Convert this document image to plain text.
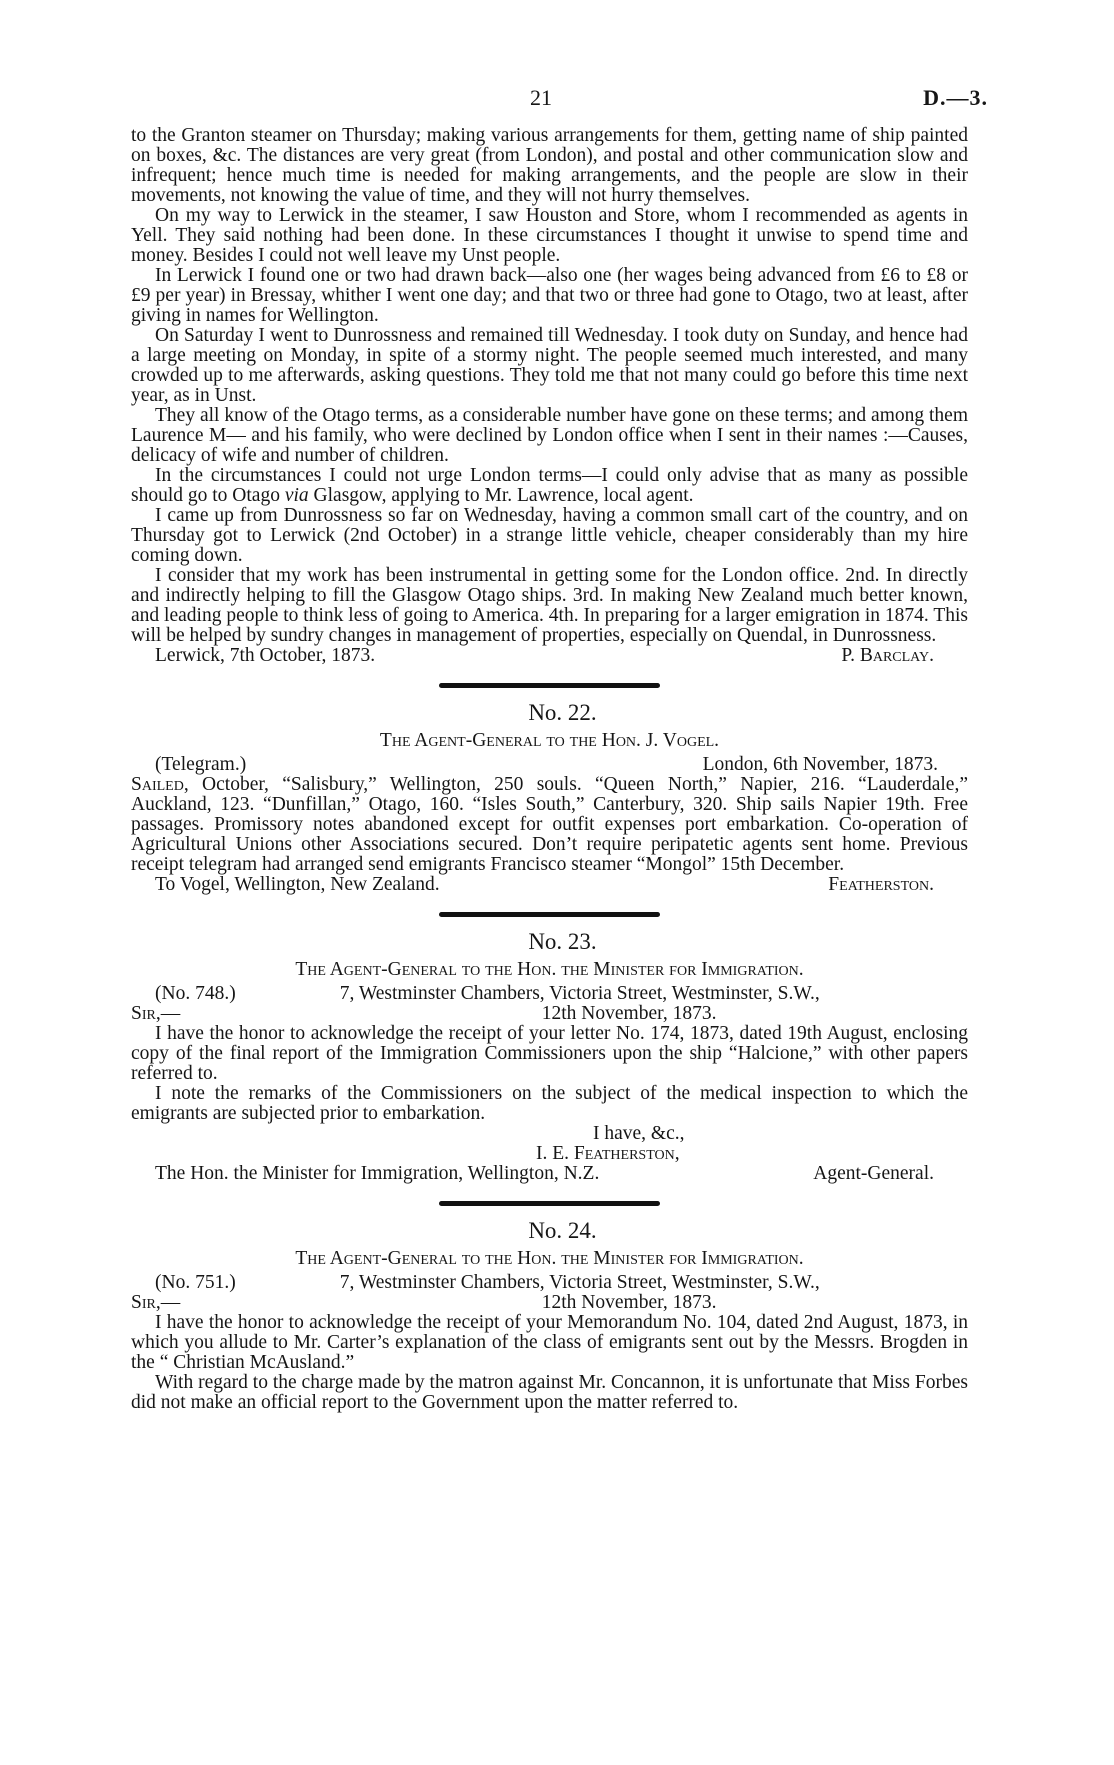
21	D.—3.

to the Granton steamer on Thursday; making various arrangements for them, getting name of ship painted on boxes, &c. The distances are very great (from London), and postal and other communication slow and infrequent; hence much time is needed for making arrangements, and the people are slow in their movements, not knowing the value of time, and they will not hurry themselves.

On my way to Lerwick in the steamer, I saw Houston and Store, whom I recommended as agents in Yell. They said nothing had been done. In these circumstances I thought it unwise to spend time and money. Besides I could not well leave my Unst people.

In Lerwick I found one or two had drawn back—also one (her wages being advanced from £6 to £8 or £9 per year) in Bressay, whither I went one day; and that two or three had gone to Otago, two at least, after giving in names for Wellington.

On Saturday I went to Dunrossness and remained till Wednesday. I took duty on Sunday, and hence had a large meeting on Monday, in spite of a stormy night. The people seemed much interested, and many crowded up to me afterwards, asking questions. They told me that not many could go before this time next year, as in Unst.

They all know of the Otago terms, as a considerable number have gone on these terms; and among them Laurence M— and his family, who were declined by London office when I sent in their names :—Causes, delicacy of wife and number of children.

In the circumstances I could not urge London terms—I could only advise that as many as possible should go to Otago via Glasgow, applying to Mr. Lawrence, local agent.

I came up from Dunrossness so far on Wednesday, having a common small cart of the country, and on Thursday got to Lerwick (2nd October) in a strange little vehicle, cheaper considerably than my hire coming down.

I consider that my work has been instrumental in getting some for the London office. 2nd. In directly and indirectly helping to fill the Glasgow Otago ships. 3rd. In making New Zealand much better known, and leading people to think less of going to America. 4th. In preparing for a larger emigration in 1874. This will be helped by sundry changes in management of properties, especially on Quendal, in Dunrossness.

Lerwick, 7th October, 1873.	P. Barclay.
No. 22.
The Agent-General to the Hon. J. Vogel.
(Telegram.)	London, 6th November, 1873.

Sailed, October, “Salisbury,” Wellington, 250 souls. “Queen North,” Napier, 216. “Lauderdale,” Auckland, 123. “Dunfillan,” Otago, 160. “Isles South,” Canterbury, 320. Ship sails Napier 19th. Free passages. Promissory notes abandoned except for outfit expenses port embarkation. Co-operation of Agricultural Unions other Associations secured. Don’t require peripatetic agents sent home. Previous receipt telegram had arranged send emigrants Francisco steamer “Mongol” 15th December.

To Vogel, Wellington, New Zealand.	Featherston.
No. 23.
The Agent-General to the Hon. the Minister for Immigration.
(No. 748.)	7, Westminster Chambers, Victoria Street, Westminster, S.W.,
Sir,—	12th November, 1873.

I have the honor to acknowledge the receipt of your letter No. 174, 1873, dated 19th August, enclosing copy of the final report of the Immigration Commissioners upon the ship “Halcione,” with other papers referred to.

I note the remarks of the Commissioners on the subject of the medical inspection to which the emigrants are subjected prior to embarkation.

I have, &c.,
I. E. Featherston,
The Hon. the Minister for Immigration, Wellington, N.Z.	Agent-General.
No. 24.
The Agent-General to the Hon. the Minister for Immigration.
(No. 751.)	7, Westminster Chambers, Victoria Street, Westminster, S.W.,
Sir,—	12th November, 1873.

I have the honor to acknowledge the receipt of your Memorandum No. 104, dated 2nd August, 1873, in which you allude to Mr. Carter’s explanation of the class of emigrants sent out by the Messrs. Brogden in the “ Christian McAusland.”

With regard to the charge made by the matron against Mr. Concannon, it is unfortunate that Miss Forbes did not make an official report to the Government upon the matter referred to.
